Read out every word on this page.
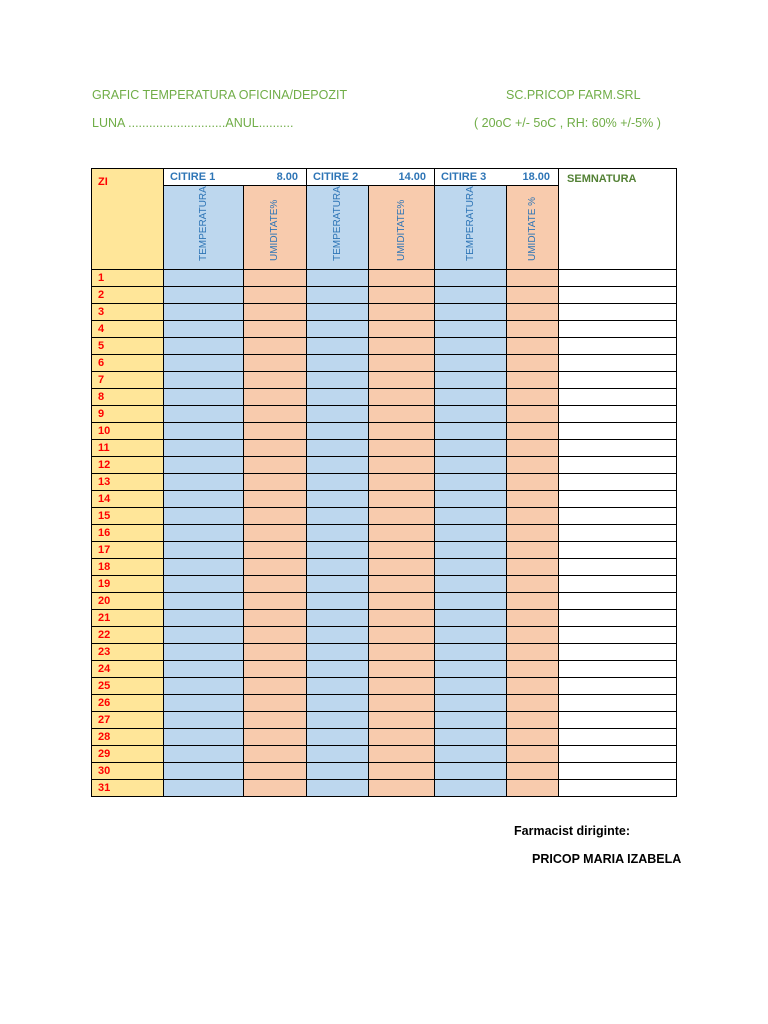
GRAFIC TEMPERATURA OFICINA/DEPOZIT	SC.PRICOP FARM.SRL
LUNA ............................ANUL..........	( 20oC +/- 5oC , RH: 60% +/-5% )
ZI	CITIRE 1 8.00		CITIRE 2 14.00		CITIRE 3 18.00		SEMNATURA

	TEMPERATURA	UMIDITATE%	TEMPERATURA	UMIDITATE%	TEMPERATURA	UMIDITATE %	

1							
2							
3							
4							
5							
6							
7							
8							
9							
10							
11							
12							
13							
14							
15							
16							
17							
18							
19							
20							
21							
22							
23							
24							
25							
26							
27							
28							
29							
30							
31							
Farmacist diriginte:
PRICOP MARIA IZABELA
